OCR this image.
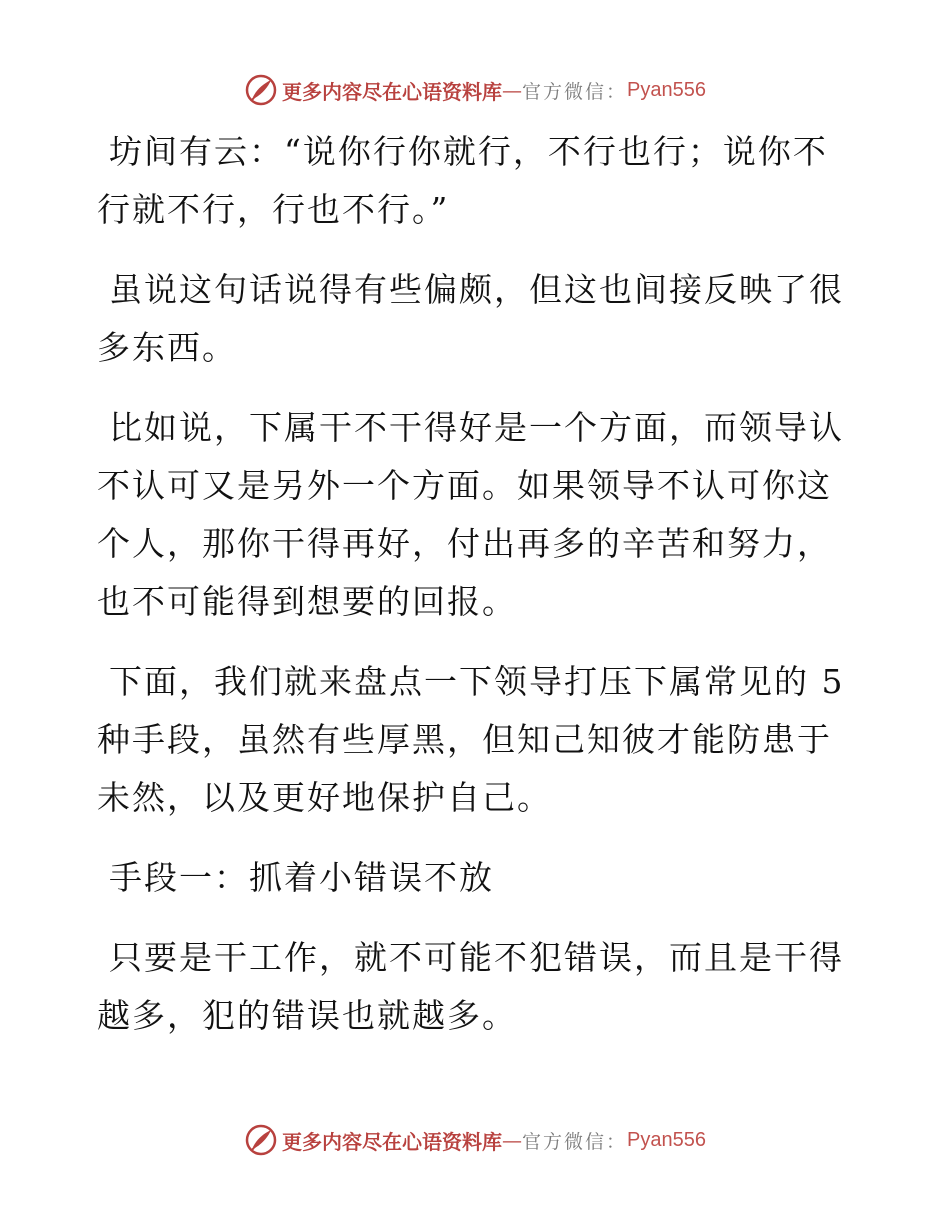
更多内容尽在心语资料库 — 官方微信： Pyan556

坊间有云：“说你行你就行，不行也行；说你不行就不行，行也不行。”

虽说这句话说得有些偏颇，但这也间接反映了很多东西。

比如说，下属干不干得好是一个方面，而领导认不认可又是另外一个方面。如果领导不认可你这个人，那你干得再好，付出再多的辛苦和努力，也不可能得到想要的回报。

下面，我们就来盘点一下领导打压下属常见的 5 种手段，虽然有些厚黑，但知己知彼才能防患于未然，以及更好地保护自己。

手段一：抓着小错误不放

只要是干工作，就不可能不犯错误，而且是干得越多，犯的错误也就越多。

更多内容尽在心语资料库 — 官方微信： Pyan556
